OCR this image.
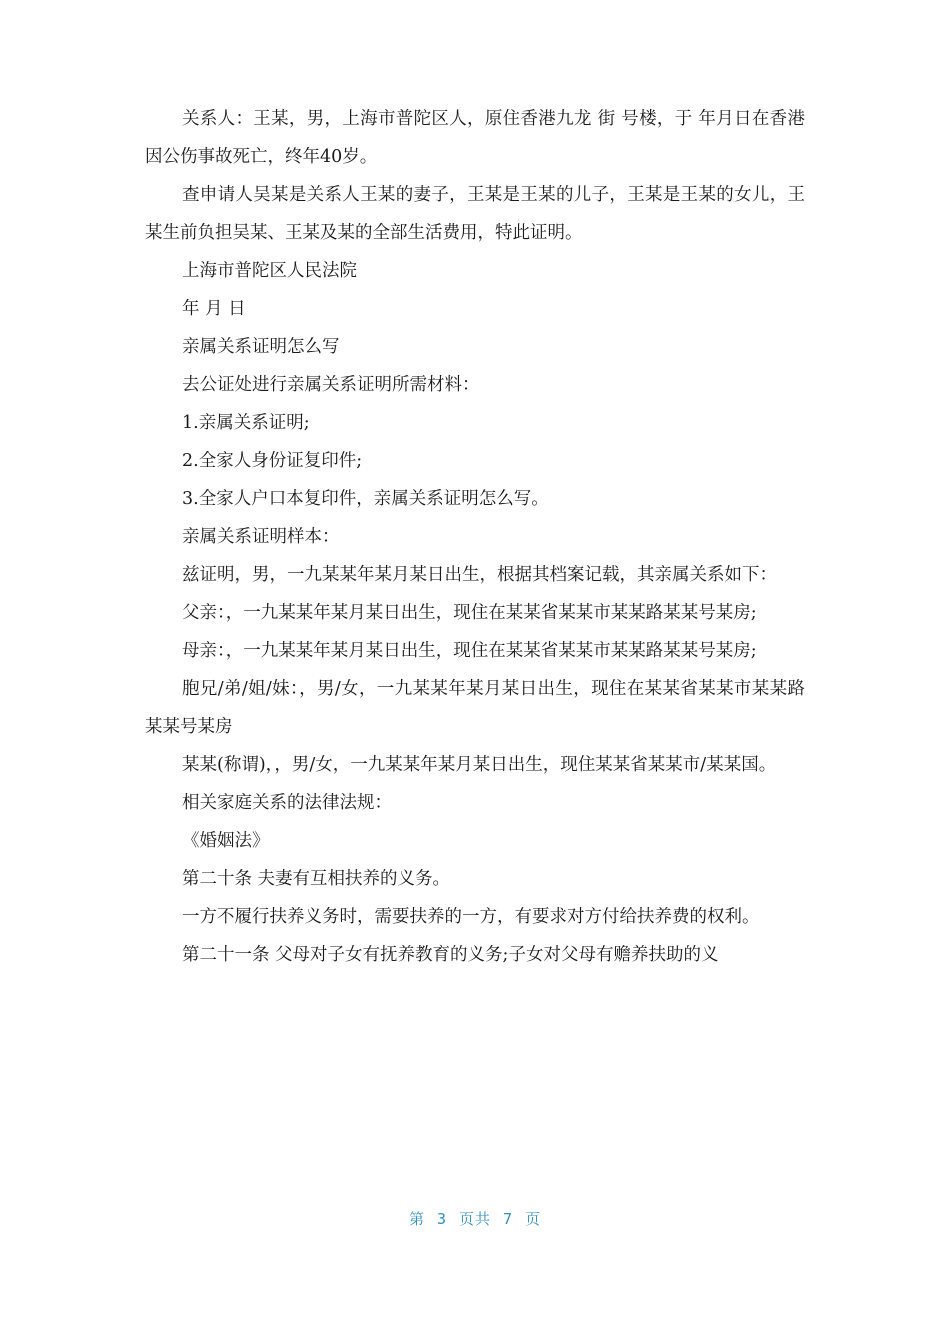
关系人：王某，男，上海市普陀区人，原住香港九龙 街 号楼，于 年月日在香港因公伤事故死亡，终年40岁。

查申请人吴某是关系人王某的妻子，王某是王某的儿子，王某是王某的女儿，王某生前负担吴某、王某及某的全部生活费用，特此证明。

上海市普陀区人民法院

年 月 日

亲属关系证明怎么写

去公证处进行亲属关系证明所需材料：

1.亲属关系证明;

2.全家人身份证复印件;

3.全家人户口本复印件，亲属关系证明怎么写。

亲属关系证明样本：

兹证明，男，一九某某年某月某日出生，根据其档案记载，其亲属关系如下：

父亲：，一九某某年某月某日出生，现住在某某省某某市某某路某某号某房;

母亲：，一九某某年某月某日出生，现住在某某省某某市某某路某某号某房;

胞兄/弟/姐/妹：，男/女，一九某某年某月某日出生，现住在某某省某某市某某路某某号某房

某某(称谓)，，男/女，一九某某年某月某日出生，现住某某省某某市/某某国。

相关家庭关系的法律法规：

《婚姻法》

第二十条 夫妻有互相扶养的义务。

一方不履行扶养义务时，需要扶养的一方，有要求对方付给扶养费的权利。

第二十一条 父母对子女有抚养教育的义务;子女对父母有赡养扶助的义

第 3 页共 7 页
